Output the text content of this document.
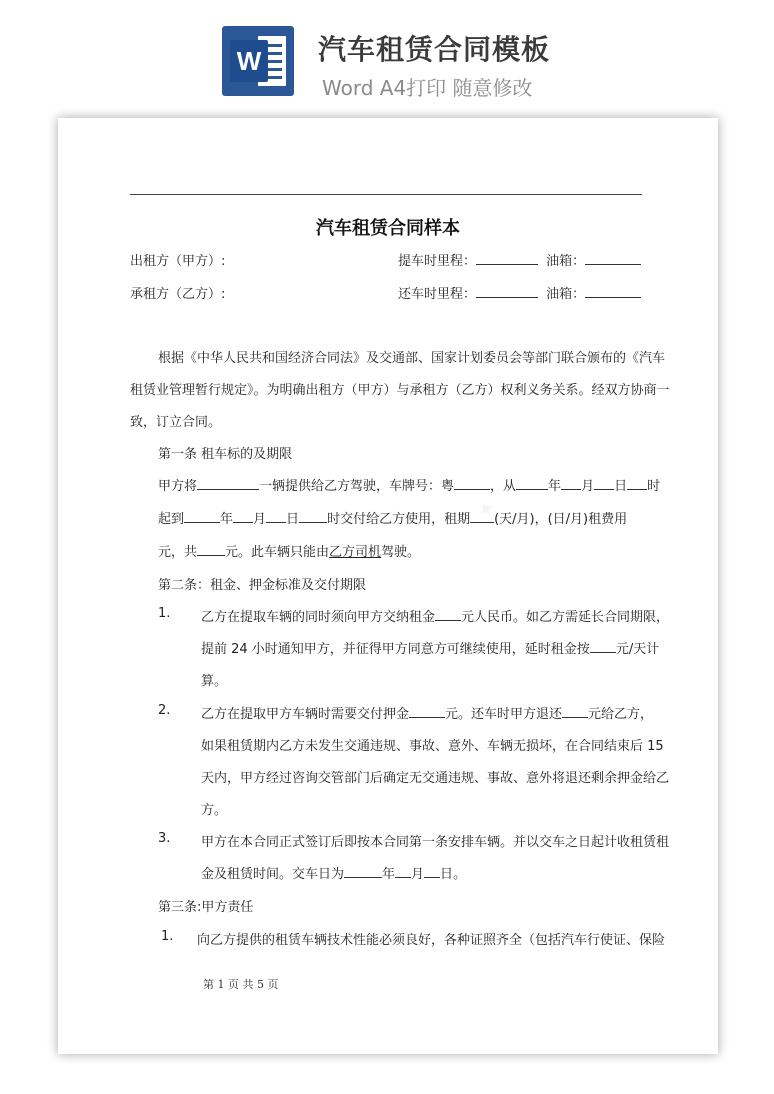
W 汽车租赁合同模板
Word A4打印 随意修改
汽车租赁合同样本
出租方（甲方）:	提车时里程：	油箱：
承租方（乙方）:	还车时里程：	油箱：
根据《中华人民共和国经济合同法》及交通部、国家计划委员会等部门联合颁布的《汽车
租赁业管理暂行规定》。为明确出租方（甲方）与承租方（乙方）权利义务关系。经双方协商一
致，订立合同。
第一条 租车标的及期限
甲方将	一辆提供给乙方驾驶，车牌号：粤	，从 年 月 日 时
起到	年 月 日 时交付给乙方使用，租期 (天/月)，(日/月)租费用
元，共 元。此车辆只能由乙方司机驾驶。
第二条：租金、押金标准及交付期限
1. 乙方在提取车辆的同时须向甲方交纳租金 元人民币。如乙方需延长合同期限，
提前 24 小时通知甲方，并征得甲方同意方可继续使用，延时租金按 元/天计
算。
2. 乙方在提取甲方车辆时需要交付押金	元。还车时甲方退还 元给乙方，
如果租赁期内乙方未发生交通违规、事故、意外、车辆无损坏，在合同结束后 15
天内，甲方经过咨询交管部门后确定无交通违规、事故、意外将退还剩余押金给乙
方。
3. 甲方在本合同正式签订后即按本合同第一条安排车辆。并以交车之日起计收租赁租
金及租赁时间。交车日为	年 月 日。
第三条:甲方责任
1. 向乙方提供的租赁车辆技术性能必须良好，各种证照齐全（包括汽车行使证、保险
第 1 页 共 5 页
